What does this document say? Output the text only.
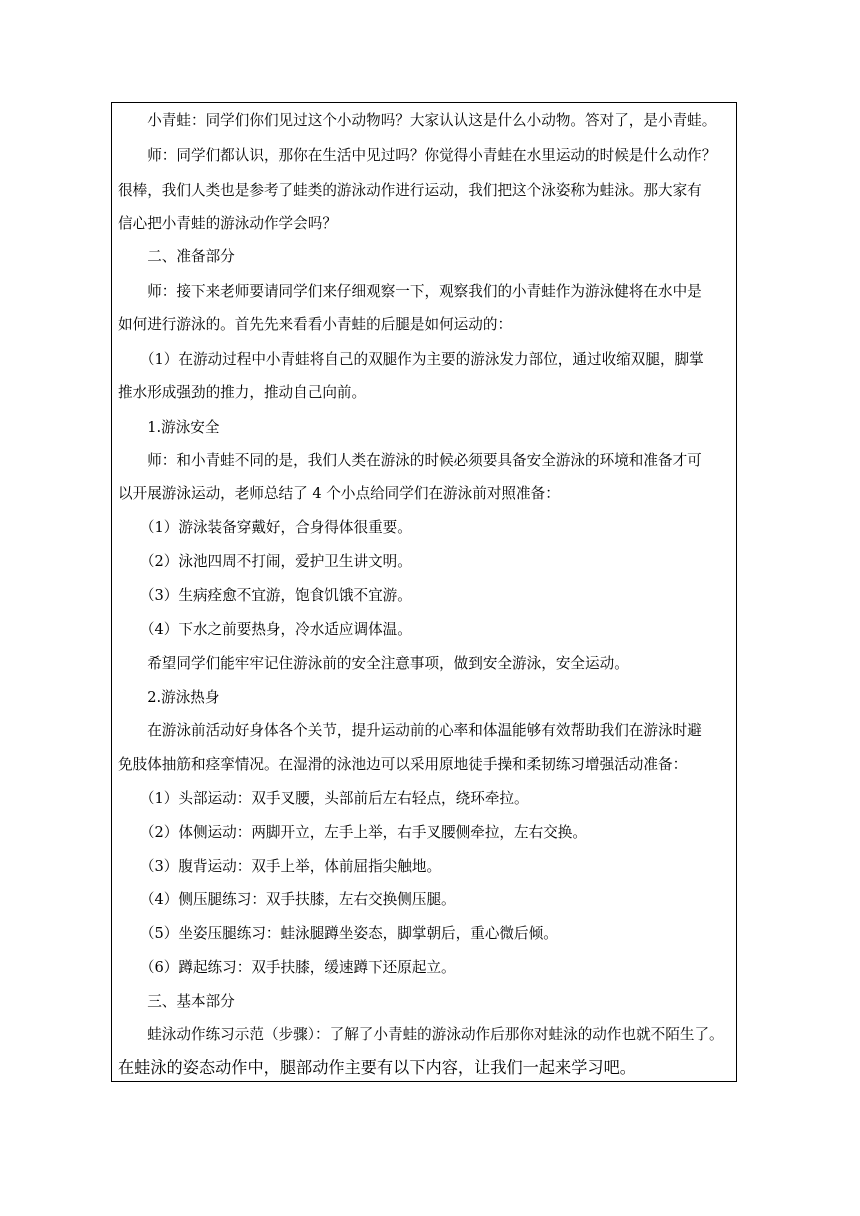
　　小青蛙：同学们你们见过这个小动物吗？大家认认这是什么小动物。答对了，是小青蛙。
　　师：同学们都认识，那你在生活中见过吗？你觉得小青蛙在水里运动的时候是什么动作？
很棒，我们人类也是参考了蛙类的游泳动作进行运动，我们把这个泳姿称为蛙泳。那大家有
信心把小青蛙的游泳动作学会吗？
　　二、准备部分
　　师：接下来老师要请同学们来仔细观察一下，观察我们的小青蛙作为游泳健将在水中是
如何进行游泳的。首先先来看看小青蛙的后腿是如何运动的：
　　（1）在游动过程中小青蛙将自己的双腿作为主要的游泳发力部位，通过收缩双腿，脚掌
推水形成强劲的推力，推动自己向前。
　　1.游泳安全
　　师：和小青蛙不同的是，我们人类在游泳的时候必须要具备安全游泳的环境和准备才可
以开展游泳运动，老师总结了 4 个小点给同学们在游泳前对照准备：
　　（1）游泳装备穿戴好，合身得体很重要。
　　（2）泳池四周不打闹，爱护卫生讲文明。
　　（3）生病痊愈不宜游，饱食饥饿不宜游。
　　（4）下水之前要热身，冷水适应调体温。
　　希望同学们能牢牢记住游泳前的安全注意事项，做到安全游泳，安全运动。
　　2.游泳热身
　　在游泳前活动好身体各个关节，提升运动前的心率和体温能够有效帮助我们在游泳时避
免肢体抽筋和痉挛情况。在湿滑的泳池边可以采用原地徒手操和柔韧练习增强活动准备：
　　（1）头部运动：双手叉腰，头部前后左右轻点，绕环牵拉。
　　（2）体侧运动：两脚开立，左手上举，右手叉腰侧牵拉，左右交换。
　　（3）腹背运动：双手上举，体前屈指尖触地。
　　（4）侧压腿练习：双手扶膝，左右交换侧压腿。
　　（5）坐姿压腿练习：蛙泳腿蹲坐姿态，脚掌朝后，重心微后倾。
　　（6）蹲起练习：双手扶膝，缓速蹲下还原起立。
　　三、基本部分
　　蛙泳动作练习示范（步骤）：了解了小青蛙的游泳动作后那你对蛙泳的动作也就不陌生了。
在蛙泳的姿态动作中，腿部动作主要有以下内容，让我们一起来学习吧。
